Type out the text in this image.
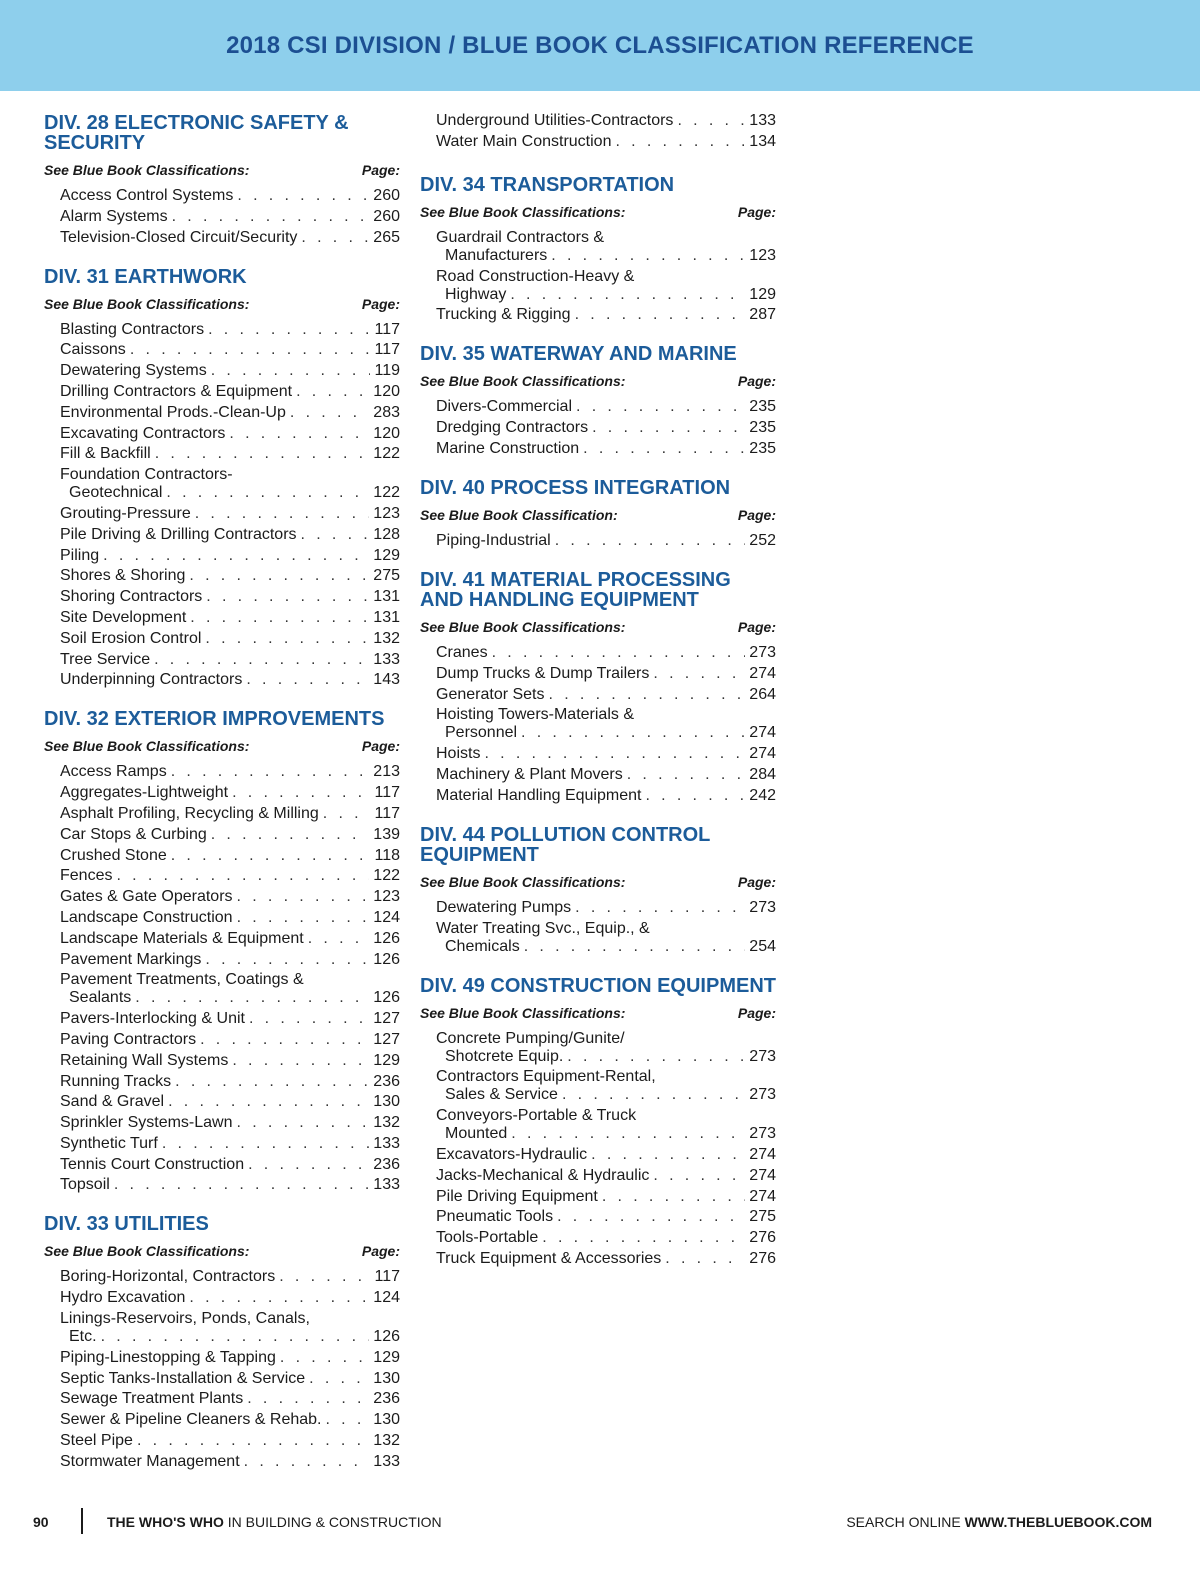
2018 CSI DIVISION / BLUE BOOK CLASSIFICATION REFERENCE
DIV. 28 ELECTRONIC SAFETY & SECURITY
See Blue Book Classifications:	Page:
Access Control Systems . . .	260
Alarm Systems . . .	260
Television-Closed Circuit/Security . . .	265
DIV. 31 EARTHWORK
See Blue Book Classifications:	Page:
Blasting Contractors . . .	117
Caissons . . .	117
Dewatering Systems . . .	119
Drilling Contractors & Equipment . . .	120
Environmental Prods.-Clean-Up . . .	283
Excavating Contractors . . .	120
Fill & Backfill . . .	122
Foundation Contractors-
Geotechnical . . .	122
Grouting-Pressure . . .	123
Pile Driving & Drilling Contractors . . .	128
Piling . . .	129
Shores & Shoring . . .	275
Shoring Contractors . . .	131
Site Development . . .	131
Soil Erosion Control . . .	132
Tree Service . . .	133
Underpinning Contractors . . .	143
DIV. 32 EXTERIOR IMPROVEMENTS
See Blue Book Classifications:	Page:
Access Ramps . . .	213
Aggregates-Lightweight . . .	117
Asphalt Profiling, Recycling & Milling . . .	117
Car Stops & Curbing . . .	139
Crushed Stone . . .	118
Fences . . .	122
Gates & Gate Operators . . .	123
Landscape Construction . . .	124
Landscape Materials & Equipment . . .	126
Pavement Markings . . .	126
Pavement Treatments, Coatings &
Sealants . . .	126
Pavers-Interlocking & Unit . . .	127
Paving Contractors . . .	127
Retaining Wall Systems . . .	129
Running Tracks . . .	236
Sand & Gravel . . .	130
Sprinkler Systems-Lawn . . .	132
Synthetic Turf . . .	133
Tennis Court Construction . . .	236
Topsoil . . .	133
DIV. 33 UTILITIES
See Blue Book Classifications:	Page:
Boring-Horizontal, Contractors . . .	117
Hydro Excavation . . .	124
Linings-Reservoirs, Ponds, Canals,
Etc. . . .	126
Piping-Linestopping & Tapping . . .	129
Septic Tanks-Installation & Service . . .	130
Sewage Treatment Plants . . .	236
Sewer & Pipeline Cleaners & Rehab. . . .	130
Steel Pipe . . .	132
Stormwater Management . . .	133
Underground Utilities-Contractors . . .	133
Water Main Construction . . .	134
DIV. 34 TRANSPORTATION
See Blue Book Classifications:	Page:
Guardrail Contractors &
Manufacturers . . .	123
Road Construction-Heavy &
Highway . . .	129
Trucking & Rigging . . .	287
DIV. 35 WATERWAY AND MARINE
See Blue Book Classifications:	Page:
Divers-Commercial . . .	235
Dredging Contractors . . .	235
Marine Construction . . .	235
DIV. 40 PROCESS INTEGRATION
See Blue Book Classification:	Page:
Piping-Industrial . . .	252
DIV. 41 MATERIAL PROCESSING AND HANDLING EQUIPMENT
See Blue Book Classifications:	Page:
Cranes . . .	273
Dump Trucks & Dump Trailers . . .	274
Generator Sets . . .	264
Hoisting Towers-Materials &
Personnel . . .	274
Hoists . . .	274
Machinery & Plant Movers . . .	284
Material Handling Equipment . . .	242
DIV. 44 POLLUTION CONTROL EQUIPMENT
See Blue Book Classifications:	Page:
Dewatering Pumps . . .	273
Water Treating Svc., Equip., &
Chemicals . . .	254
DIV. 49 CONSTRUCTION EQUIPMENT
See Blue Book Classifications:	Page:
Concrete Pumping/Gunite/
Shotcrete Equip. . . .	273
Contractors Equipment-Rental,
Sales & Service . . .	273
Conveyors-Portable & Truck
Mounted . . .	273
Excavators-Hydraulic . . .	274
Jacks-Mechanical & Hydraulic . . .	274
Pile Driving Equipment . . .	274
Pneumatic Tools . . .	275
Tools-Portable . . .	276
Truck Equipment & Accessories . . .	276
90	THE WHO'S WHO IN BUILDING & CONSTRUCTION	SEARCH ONLINE WWW.THEBLUEBOOK.COM
